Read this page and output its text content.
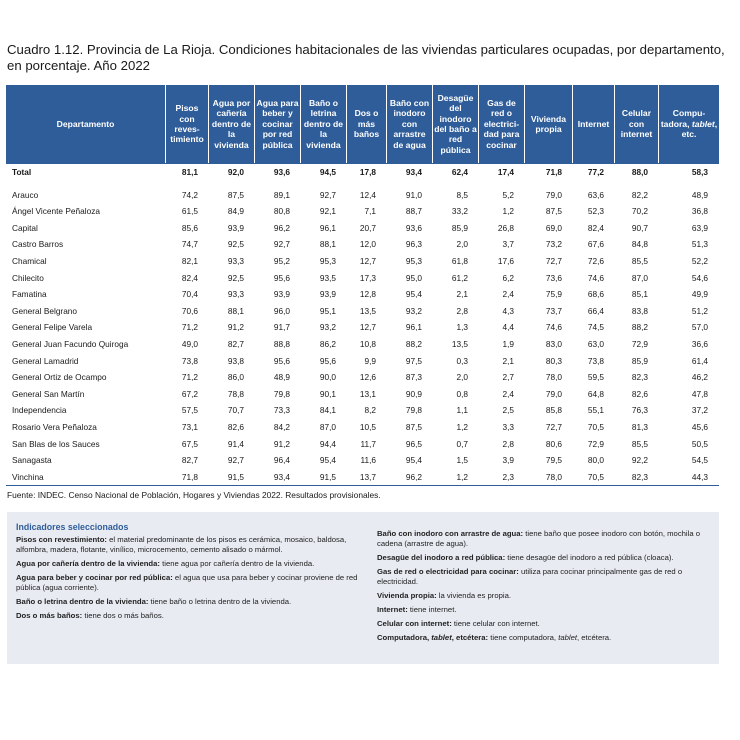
Cuadro 1.12. Provincia de La Rioja. Condiciones habitacionales de las viviendas particulares ocupadas, por departamento, en porcentaje. Año 2022
Departamento	Pisos con reves- timiento	Agua por cañería dentro de la vivienda	Agua para beber y cocinar por red pública	Baño o letrina dentro de la vivienda	Dos o más baños	Baño con inodoro con arrastre de agua	Desagüe del inodoro del baño a red pública	Gas de red o electrici- dad para cocinar	Vivienda propia	Internet	Celular con internet	Compu- tadora, tablet, etc.
Total	81,1	92,0	93,6	94,5	17,8	93,4	62,4	17,4	71,8	77,2	88,0	58,3

Arauco	74,2	87,5	89,1	92,7	12,4	91,0	8,5	5,2	79,0	63,6	82,2	48,9
Ángel Vicente Peñaloza	61,5	84,9	80,8	92,1	7,1	88,7	33,2	1,2	87,5	52,3	70,2	36,8
Capital	85,6	93,9	96,2	96,1	20,7	93,6	85,9	26,8	69,0	82,4	90,7	63,9
Castro Barros	74,7	92,5	92,7	88,1	12,0	96,3	2,0	3,7	73,2	67,6	84,8	51,3
Chamical	82,1	93,3	95,2	95,3	12,7	95,3	61,8	17,6	72,7	72,6	85,5	52,2
Chilecito	82,4	92,5	95,6	93,5	17,3	95,0	61,2	6,2	73,6	74,6	87,0	54,6
Famatina	70,4	93,3	93,9	93,9	12,8	95,4	2,1	2,4	75,9	68,6	85,1	49,9
General Belgrano	70,6	88,1	96,0	95,1	13,5	93,2	2,8	4,3	73,7	66,4	83,8	51,2
General Felipe Varela	71,2	91,2	91,7	93,2	12,7	96,1	1,3	4,4	74,6	74,5	88,2	57,0
General Juan Facundo Quiroga	49,0	82,7	88,8	86,2	10,8	88,2	13,5	1,9	83,0	63,0	72,9	36,6
General Lamadrid	73,8	93,8	95,6	95,6	9,9	97,5	0,3	2,1	80,3	73,8	85,9	61,4
General Ortiz de Ocampo	71,2	86,0	48,9	90,0	12,6	87,3	2,0	2,7	78,0	59,5	82,3	46,2
General San Martín	67,2	78,8	79,8	90,1	13,1	90,9	0,8	2,4	79,0	64,8	82,6	47,8
Independencia	57,5	70,7	73,3	84,1	8,2	79,8	1,1	2,5	85,8	55,1	76,3	37,2
Rosario Vera Peñaloza	73,1	82,6	84,2	87,0	10,5	87,5	1,2	3,3	72,7	70,5	81,3	45,6
San Blas de los Sauces	67,5	91,4	91,2	94,4	11,7	96,5	0,7	2,8	80,6	72,9	85,5	50,5
Sanagasta	82,7	92,7	96,4	95,4	11,6	95,4	1,5	3,9	79,5	80,0	92,2	54,5
Vinchina	71,8	91,5	93,4	91,5	13,7	96,2	1,2	2,3	78,0	70,5	82,3	44,3
Fuente: INDEC. Censo Nacional de Población, Hogares y Viviendas 2022. Resultados provisionales.
Indicadores seleccionados
Pisos con revestimiento: el material predominante de los pisos es cerámica, mosaico, baldosa, alfombra, madera, flotante, vinílico, microcemento, cemento alisado o mármol.
Agua por cañería dentro de la vivienda: tiene agua por cañería dentro de la vivienda.
Agua para beber y cocinar por red pública: el agua que usa para beber y cocinar proviene de red pública (agua corriente).
Baño o letrina dentro de la vivienda: tiene baño o letrina dentro de la vivienda.
Dos o más baños: tiene dos o más baños.
Baño con inodoro con arrastre de agua: tiene baño que posee inodoro con botón, mochila o cadena (arrastre de agua).
Desagüe del inodoro a red pública: tiene desagüe del inodoro a red pública (cloaca).
Gas de red o electricidad para cocinar: utiliza para cocinar principalmente gas de red o electricidad.
Vivienda propia: la vivienda es propia.
Internet: tiene internet.
Celular con internet: tiene celular con internet.
Computadora, tablet, etcétera: tiene computadora, tablet, etcétera.
